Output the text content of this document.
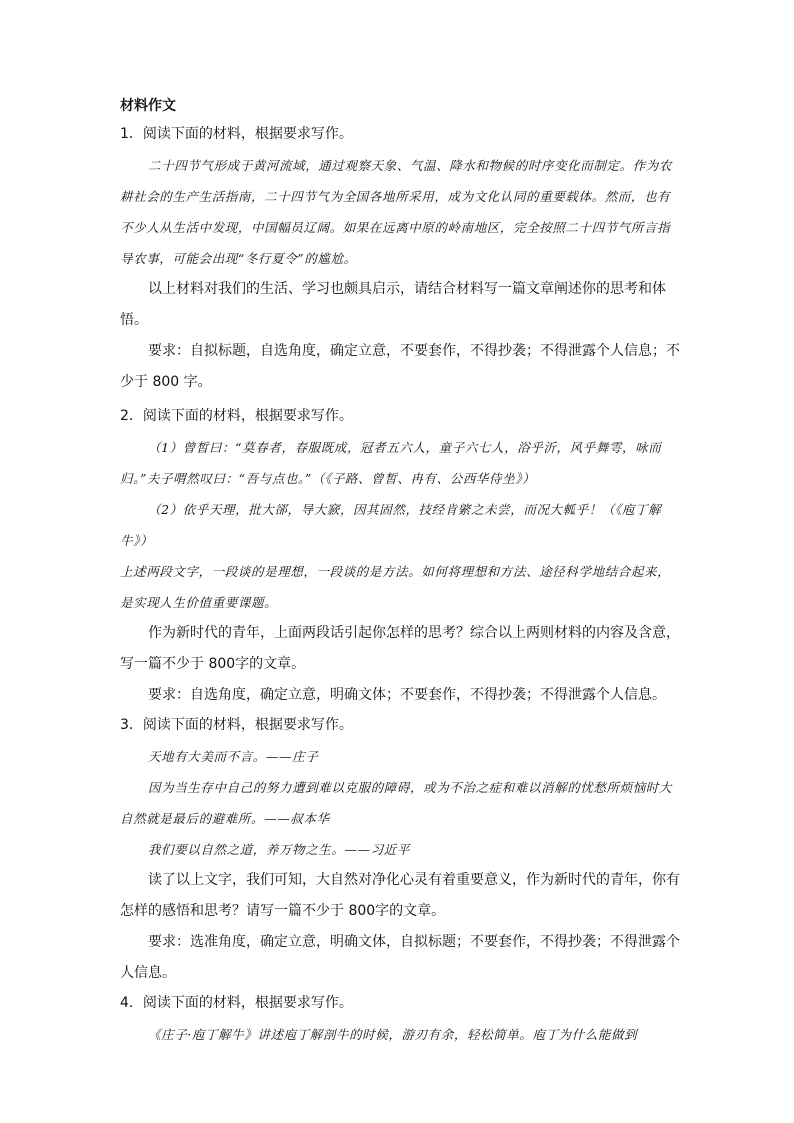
材料作文

1．阅读下面的材料，根据要求写作。

二十四节气形成于黄河流域，通过观察天象、气温、降水和物候的时序变化而制定。作为农耕社会的生产生活指南，二十四节气为全国各地所采用，成为文化认同的重要载体。然而，也有不少人从生活中发现，中国幅员辽阔。如果在远离中原的岭南地区，完全按照二十四节气所言指导农事，可能会出现“冬行夏令”的尴尬。

以上材料对我们的生活、学习也颇具启示，请结合材料写一篇文章阐述你的思考和体悟。

要求：自拟标题，自选角度，确定立意，不要套作，不得抄袭；不得泄露个人信息；不少于 800 字。

2．阅读下面的材料，根据要求写作。

（1）曾皙曰：“莫春者，春服既成，冠者五六人，童子六七人，浴乎沂，风乎舞雩，咏而归。”夫子喟然叹曰：“吾与点也。”（《子路、曾皙、冉有、公西华侍坐》）

（2）依乎天理，批大郤，导大窾，因其固然，技经肯綮之未尝，而况大軱乎！（《庖丁解牛》）

上述两段文字，一段谈的是理想，一段谈的是方法。如何将理想和方法、途径科学地结合起来，是实现人生价值重要课题。

作为新时代的青年，上面两段话引起你怎样的思考？综合以上两则材料的内容及含意，写一篇不少于 800字的文章。

要求：自选角度，确定立意，明确文体；不要套作，不得抄袭；不得泄露个人信息。

3．阅读下面的材料，根据要求写作。

天地有大美而不言。——庄子

因为当生存中自己的努力遭到难以克服的障碍，或为不治之症和难以消解的忧愁所烦恼时大自然就是最后的避难所。——叔本华

我们要以自然之道，养万物之生。——习近平

读了以上文字，我们可知，大自然对净化心灵有着重要意义，作为新时代的青年，你有怎样的感悟和思考？请写一篇不少于 800字的文章。

要求：选准角度，确定立意，明确文体，自拟标题；不要套作，不得抄袭；不得泄露个人信息。

4．阅读下面的材料，根据要求写作。

《庄子·庖丁解牛》讲述庖丁解剖牛的时候，游刃有余，轻松简单。庖丁为什么能做到
